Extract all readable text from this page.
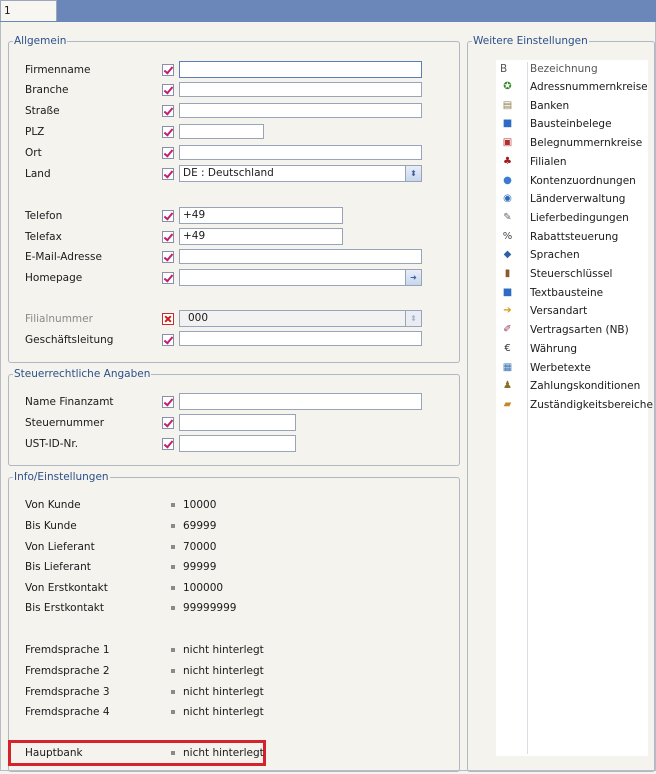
1
Allgemein
Firmenname
Branche
Straße
PLZ
Ort
Land	DE : Deutschland	⬍
Telefon	+49
Telefax	+49
E-Mail-Adresse
Homepage	➜
Filialnummer	000	⬍
Geschäftsleitung
Steuerrechtliche Angaben
Name Finanzamt
Steuernummer
UST-ID-Nr.
Info/Einstellungen
Von Kunde	10000
Bis Kunde	69999
Von Lieferant	70000
Bis Lieferant	99999
Von Erstkontakt	100000
Bis Erstkontakt	99999999
Fremdsprache 1	nicht hinterlegt
Fremdsprache 2	nicht hinterlegt
Fremdsprache 3	nicht hinterlegt
Fremdsprache 4	nicht hinterlegt
Hauptbank	nicht hinterlegt
Weitere Einstellungen
B Bezeichnung
✪ Adressnummernkreise
▤ Banken
■ Bausteinbelege
▣ Belegnummernkreise
♣ Filialen
● Kontenzuordnungen
◉ Länderverwaltung
✎ Lieferbedingungen
% Rabattsteuerung
◆ Sprachen
▮ Steuerschlüssel
■ Textbausteine
➔ Versandart
✐ Vertragsarten (NB)
€ Währung
▦ Werbetexte
♟ Zahlungskonditionen
▰ Zuständigkeitsbereiche
